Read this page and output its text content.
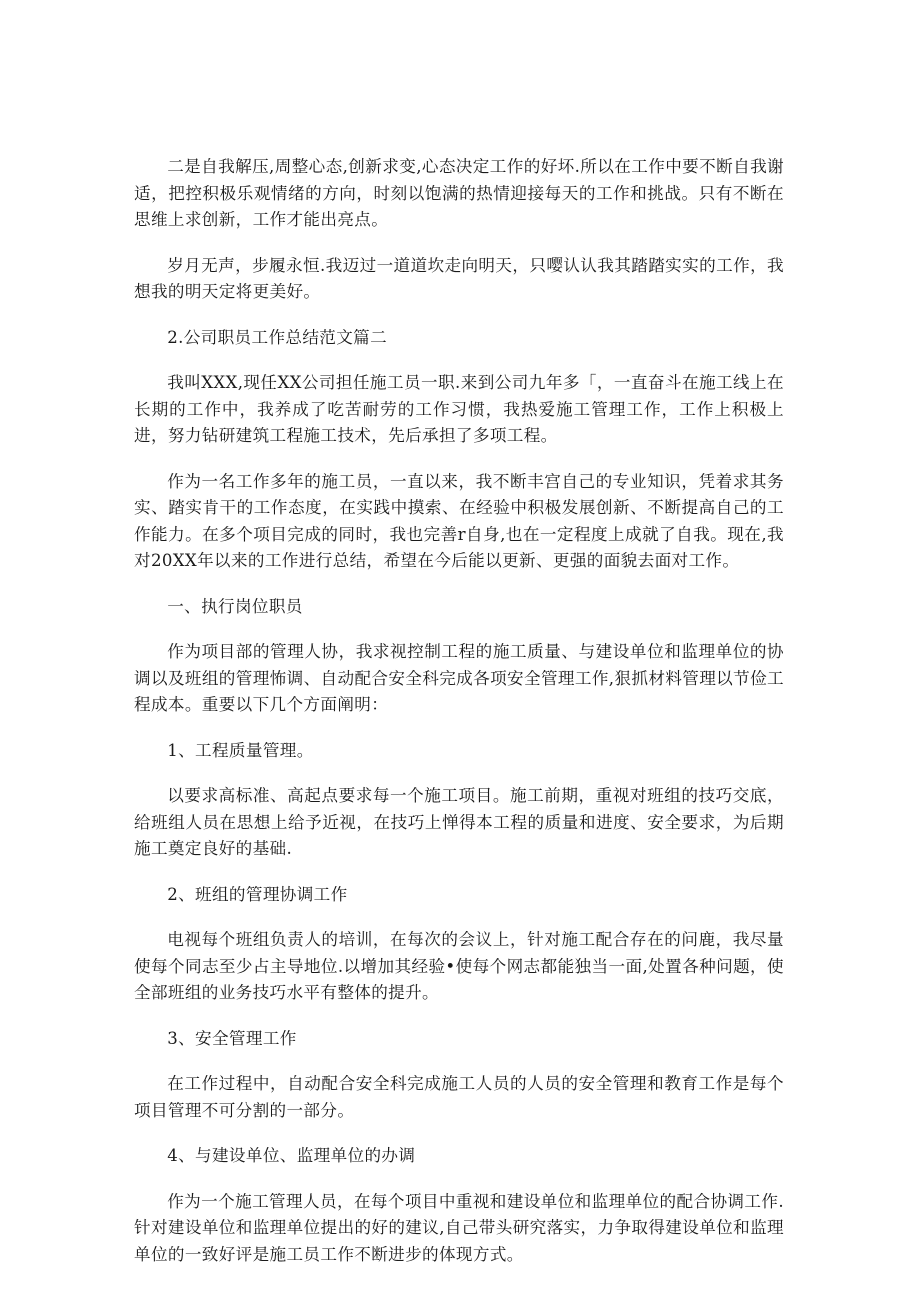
二是自我解压,周整心态,创新求变,心态决定工作的好坏.所以在工作中要不断自我谢适，把控积极乐观情绪的方向，时刻以饱满的热情迎接每天的工作和挑战。只有不断在思维上求创新，工作才能出亮点。

岁月无声，步履永恒.我迈过一道道坎走向明天，只嘤认认我其踏踏实实的工作，我想我的明天定将更美好。

2.公司职员工作总结范文篇二

我叫XXX,现任XX公司担任施工员一职.来到公司九年多「，一直奋斗在施工线上在长期的工作中，我养成了吃苦耐劳的工作习惯，我热爱施工管理工作，工作上积极上进，努力钻研建筑工程施工技术，先后承担了多项工程。

作为一名工作多年的施工员，一直以来，我不断丰宫自己的专业知识，凭着求其务实、踏实肯干的工作态度，在实践中摸索、在经验中积极发展创新、不断提高自己的工作能力。在多个项目完成的同时，我也完善r自身,也在一定程度上成就了自我。现在,我对20XX年以来的工作进行总结，希望在今后能以更新、更强的面貌去面对工作。

一、执行岗位职员

作为项目部的管理人协，我求视控制工程的施工质量、与建设单位和监理单位的协调以及班组的管理怖调、自动配合安全科完成各项安全管理工作,狠抓材料管理以节俭工程成本。重要以下几个方面阐明：

1、工程质量管理。

以要求高标准、高起点要求每一个施工项目。施工前期，重视对班组的技巧交底，给班组人员在思想上给予近视，在技巧上惮得本工程的质量和进度、安全要求，为后期施工奠定良好的基础.

2、班组的管理协调工作

电视每个班组负责人的培训，在每次的会议上，针对施工配合存在的问鹿，我尽量使每个同志至少占主导地位.以增加其经验•使每个网志都能独当一面,处置各种问题，使全部班组的业务技巧水平有整体的提升。

3、安全管理工作

在工作过程中，自动配合安全科完成施工人员的人员的安全管理和教育工作是每个项目管理不可分割的一部分。

4、与建设单位、监理单位的办调

作为一个施工管理人员，在每个项目中重视和建设单位和监理单位的配合协调工作.针对建设单位和监理单位提出的好的建议,自己带头研究落实，力争取得建设单位和监理单位的一致好评是施工员工作不断进步的体现方式。
